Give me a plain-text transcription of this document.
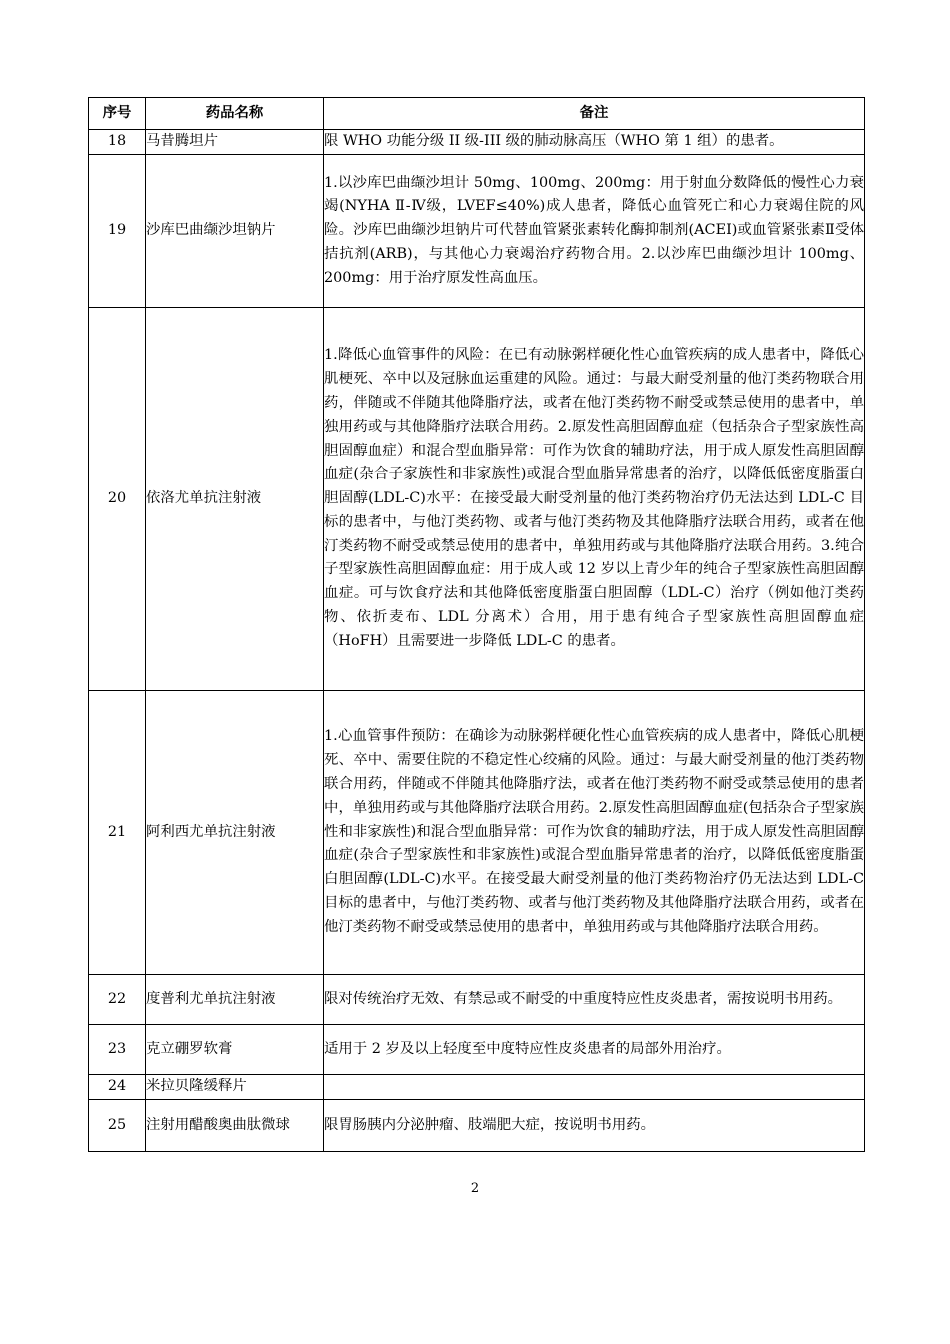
序号	药品名称	备注
18	马昔腾坦片	限 WHO 功能分级 II 级-III 级的肺动脉高压（WHO 第 1 组）的患者。
19	沙库巴曲缬沙坦钠片	1.以沙库巴曲缬沙坦计 50mg、100mg、200mg：用于射血分数降低的慢性心力衰竭(NYHA Ⅱ-Ⅳ级，LVEF≤40%)成人患者，降低心血管死亡和心力衰竭住院的风险。沙库巴曲缬沙坦钠片可代替血管紧张素转化酶抑制剂(ACEI)或血管紧张素Ⅱ受体拮抗剂(ARB)，与其他心力衰竭治疗药物合用。2.以沙库巴曲缬沙坦计 100mg、200mg：用于治疗原发性高血压。
20	依洛尤单抗注射液	1.降低心血管事件的风险：在已有动脉粥样硬化性心血管疾病的成人患者中，降低心肌梗死、卒中以及冠脉血运重建的风险。通过：与最大耐受剂量的他汀类药物联合用药，伴随或不伴随其他降脂疗法，或者在他汀类药物不耐受或禁忌使用的患者中，单独用药或与其他降脂疗法联合用药。2.原发性高胆固醇血症（包括杂合子型家族性高胆固醇血症）和混合型血脂异常：可作为饮食的辅助疗法，用于成人原发性高胆固醇血症(杂合子家族性和非家族性)或混合型血脂异常患者的治疗，以降低低密度脂蛋白胆固醇(LDL-C)水平：在接受最大耐受剂量的他汀类药物治疗仍无法达到 LDL-C 目标的患者中，与他汀类药物、或者与他汀类药物及其他降脂疗法联合用药，或者在他汀类药物不耐受或禁忌使用的患者中，单独用药或与其他降脂疗法联合用药。3.纯合子型家族性高胆固醇血症：用于成人或 12 岁以上青少年的纯合子型家族性高胆固醇血症。可与饮食疗法和其他降低密度脂蛋白胆固醇（LDL-C）治疗（例如他汀类药物、依折麦布、LDL 分离术）合用，用于患有纯合子型家族性高胆固醇血症（HoFH）且需要进一步降低 LDL-C 的患者。
21	阿利西尤单抗注射液	1.心血管事件预防：在确诊为动脉粥样硬化性心血管疾病的成人患者中，降低心肌梗死、卒中、需要住院的不稳定性心绞痛的风险。通过：与最大耐受剂量的他汀类药物联合用药，伴随或不伴随其他降脂疗法，或者在他汀类药物不耐受或禁忌使用的患者中，单独用药或与其他降脂疗法联合用药。2.原发性高胆固醇血症(包括杂合子型家族性和非家族性)和混合型血脂异常：可作为饮食的辅助疗法，用于成人原发性高胆固醇血症(杂合子型家族性和非家族性)或混合型血脂异常患者的治疗，以降低低密度脂蛋白胆固醇(LDL-C)水平。在接受最大耐受剂量的他汀类药物治疗仍无法达到 LDL-C 目标的患者中，与他汀类药物、或者与他汀类药物及其他降脂疗法联合用药，或者在他汀类药物不耐受或禁忌使用的患者中，单独用药或与其他降脂疗法联合用药。
22	度普利尤单抗注射液	限对传统治疗无效、有禁忌或不耐受的中重度特应性皮炎患者，需按说明书用药。
23	克立硼罗软膏	适用于 2 岁及以上轻度至中度特应性皮炎患者的局部外用治疗。
24	米拉贝隆缓释片	
25	注射用醋酸奥曲肽微球	限胃肠胰内分泌肿瘤、肢端肥大症，按说明书用药。
2
